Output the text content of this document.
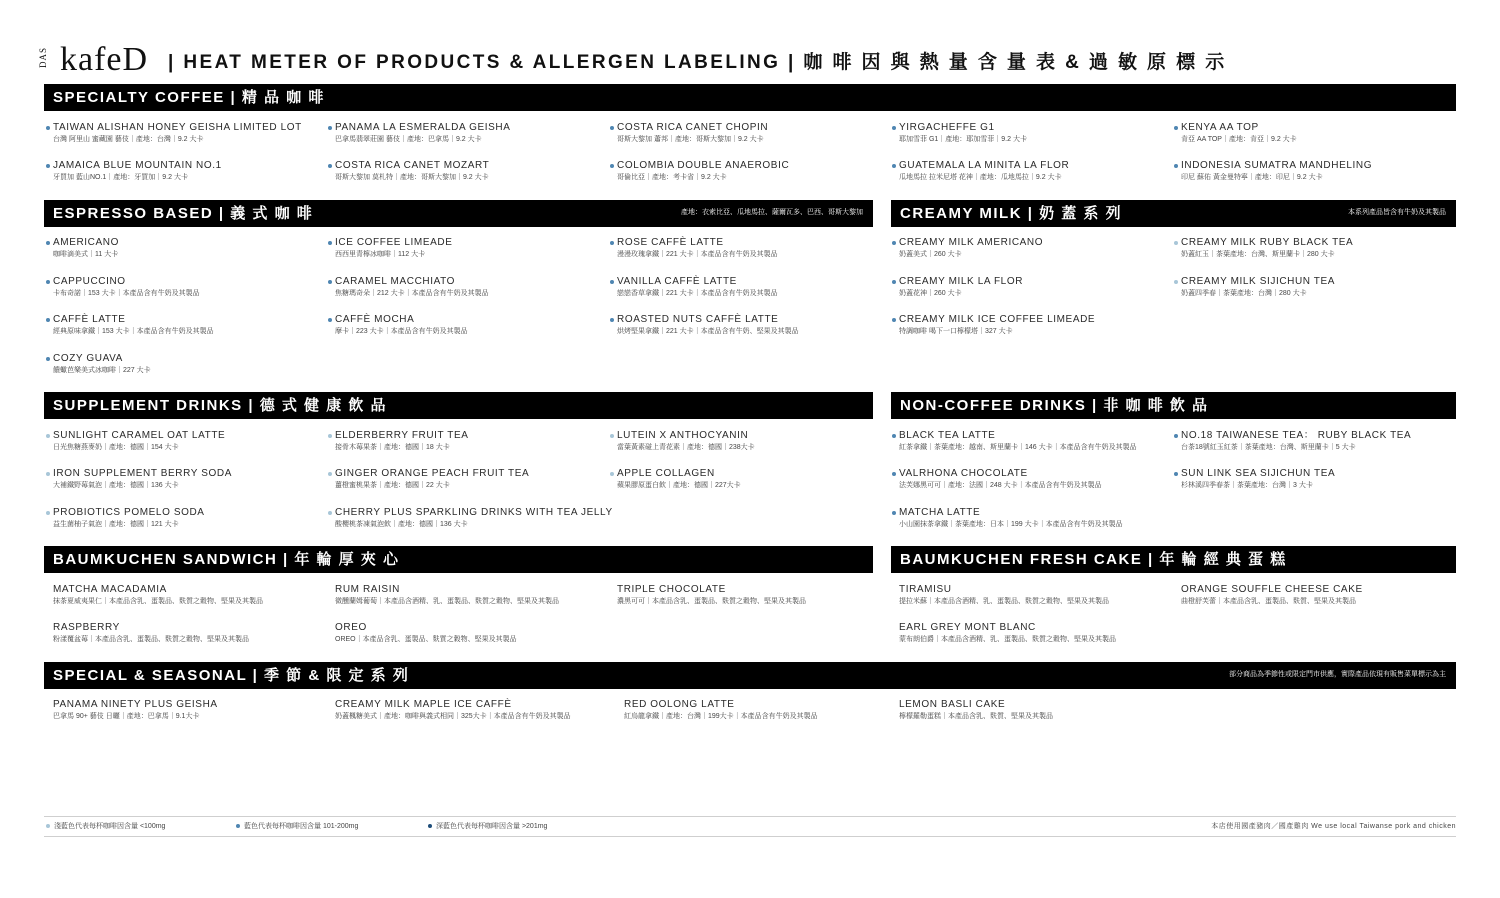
DAS kafeD | HEAT METER OF PRODUCTS & ALLERGEN LABELING | 咖 啡 因 與 熱 量 含 量 表 & 過 敏 原 標 示
SPECIALTY COFFEE | 精 品 咖 啡
TAIWAN ALISHAN HONEY GEISHA LIMITED LOT
台灣 阿里山 蜜藏園 藝伎｜產地：台灣｜9.2 大卡
JAMAICA BLUE MOUNTAIN NO.1
牙買加 藍山NO.1｜產地：牙買加｜9.2 大卡
PANAMA LA ESMERALDA GEISHA
巴拿馬翡翠莊園 藝伎｜產地：巴拿馬｜9.2 大卡
COSTA RICA CANET MOZART
哥斯大黎加 莫札特｜產地：哥斯大黎加｜9.2 大卡
COSTA RICA CANET CHOPIN
哥斯大黎加 蕭邦｜產地：哥斯大黎加｜9.2 大卡
COLOMBIA DOUBLE ANAEROBIC
哥倫比亞｜產地：考卡省｜9.2 大卡
YIRGACHEFFE G1
耶加雪菲 G1｜產地：耶加雪菲｜9.2 大卡
GUATEMALA LA MINITA LA FLOR
瓜地馬拉 拉米尼塔 花神｜產地：瓜地馬拉｜9.2 大卡
KENYA AA TOP
肯亞 AA TOP｜產地：肯亞｜9.2 大卡
INDONESIA SUMATRA MANDHELING
印尼 蘇佑 黃金曼特寧｜產地：印尼｜9.2 大卡
ESPRESSO BASED | 義 式 咖 啡	產地：衣索比亞、瓜地馬拉、薩爾瓦多、巴西、哥斯大黎加
AMERICANO
咖啡滴美式｜11 大卡
CAPPUCCINO
卡布奇諾｜153 大卡｜本產品含有牛奶及其製品
CAFFÈ LATTE
經典原味拿鐵｜153 大卡｜本產品含有牛奶及其製品
COZY GUAVA
饋蠍芭樂美式冰咖啡｜227 大卡
ICE COFFEE LIMEADE
西西里青檸冰咖啡｜112 大卡
CARAMEL MACCHIATO
焦糖瑪奇朵｜212 大卡｜本產品含有牛奶及其製品
CAFFÈ MOCHA
摩卡｜223 大卡｜本產品含有牛奶及其製品
ROSE CAFFÈ LATTE
漫漫玫瑰拿鐵｜221 大卡｜本產品含有牛奶及其製品
VANILLA CAFFÈ LATTE
戀戀香草拿鐵｜221 大卡｜本產品含有牛奶及其製品
ROASTED NUTS CAFFÈ LATTE
烘烤堅果拿鐵｜221 大卡｜本產品含有牛奶、堅果及其製品
CREAMY MILK | 奶 蓋 系 列	本系列產品皆含有牛奶及其製品
CREAMY MILK AMERICANO
奶蓋美式｜260 大卡
CREAMY MILK LA FLOR
奶蓋花神｜260 大卡
CREAMY MILK ICE COFFEE LIMEADE
特調咖啡 喝下一口檸檬塔｜327 大卡
CREAMY MILK RUBY BLACK TEA
奶蓋紅玉｜茶葉產地：台灣、斯里蘭卡｜280 大卡
CREAMY MILK SIJICHUN TEA
奶蓋四季春｜茶葉產地：台灣｜280 大卡
SUPPLEMENT DRINKS | 德 式 健 康 飲 品
SUNLIGHT CARAMEL OAT LATTE
日光焦糖燕麥奶｜產地：德國｜154 大卡
IRON SUPPLEMENT BERRY SODA
大補鐵野莓氣泡｜產地：德國｜136 大卡
PROBIOTICS POMELO SODA
益生菌柚子氣泡｜產地：德國｜121 大卡
ELDERBERRY FRUIT TEA
接骨木莓果茶｜產地：德國｜18 大卡
GINGER ORANGE PEACH FRUIT TEA
薑橙蜜桃果茶｜產地：德國｜22 大卡
CHERRY PLUS SPARKLING DRINKS WITH TEA JELLY
酸櫻桃茶凍氣泡飲｜產地：德國｜136 大卡
LUTEIN X ANTHOCYANIN
當葉黃素碰上青花素｜產地：德國｜238大卡
APPLE COLLAGEN
蘋果膠原蛋白飲｜產地：德國｜227大卡
NON-COFFEE DRINKS | 非 咖 啡 飲 品
BLACK TEA LATTE
紅茶拿鐵｜茶葉產地：越南、斯里蘭卡｜146 大卡｜本產品含有牛奶及其製品
VALRHONA CHOCOLATE
法芙娜黑可可｜產地：法國｜248 大卡｜本產品含有牛奶及其製品
MATCHA LATTE
小山園抹茶拿鐵｜茶葉產地：日本｜199 大卡｜本產品含有牛奶及其製品
NO.18 TAIWANESE TEA： RUBY BLACK TEA
台茶18號紅玉紅茶｜茶葉產地：台灣、斯里蘭卡｜5 大卡
SUN LINK SEA SIJICHUN TEA
杉林溪四季春茶｜茶葉產地：台灣｜3 大卡
BAUMKUCHEN SANDWICH | 年 輪 厚 夾 心
MATCHA MACADAMIA
抹茶夏威夷果仁｜本產品含乳、蛋製品、麩質之穀物、堅果及其製品
RASPBERRY
粉漾覆盆莓｜本產品含乳、蛋製品、麩質之穀物、堅果及其製品
RUM RAISIN
微醺蘭姆葡萄｜本產品含酒精、乳、蛋製品、麩質之穀物、堅果及其製品
OREO
OREO｜本產品含乳、蛋製品、麩質之穀物、堅果及其製品
TRIPLE CHOCOLATE
濃黑可可｜本產品含乳、蛋製品、麩質之穀物、堅果及其製品
BAUMKUCHEN FRESH CAKE | 年 輪 經 典 蛋 糕
TIRAMISU
提拉米蘇｜本產品含酒精、乳、蛋製品、麩質之穀物、堅果及其製品
EARL GREY MONT BLANC
蒙布朗伯爵｜本產品含酒精、乳、蛋製品、麩質之穀物、堅果及其製品
ORANGE SOUFFLE CHEESE CAKE
曲橙舒芙蕾｜本產品含乳、蛋製品、麩質、堅果及其製品
SPECIAL & SEASONAL | 季 節 & 限 定 系 列	部分商品為季節性或限定門市供應，實際產品依現有販售菜單標示為主
PANAMA NINETY PLUS GEISHA
巴拿馬 90+ 藝伎 日曬｜產地：巴拿馬｜9.1大卡
CREAMY MILK MAPLE ICE CAFFÈ
奶蓋楓糖美式｜產地：咖啡與義式相同｜325大卡｜本產品含有牛奶及其製品
RED OOLONG LATTE
紅烏龍拿鐵｜產地：台灣｜199大卡｜本產品含有牛奶及其製品
LEMON BASLI CAKE
檸檬羅勒蛋糕｜本產品含乳、麩質、堅果及其製品
淺藍色代表每杯咖啡因含量 <100mg	藍色代表每杯咖啡因含量 101-200mg	深藍色代表每杯咖啡因含量 >201mg	本店使用國產豬肉／國產雞肉 We use local Taiwanse pork and chicken
